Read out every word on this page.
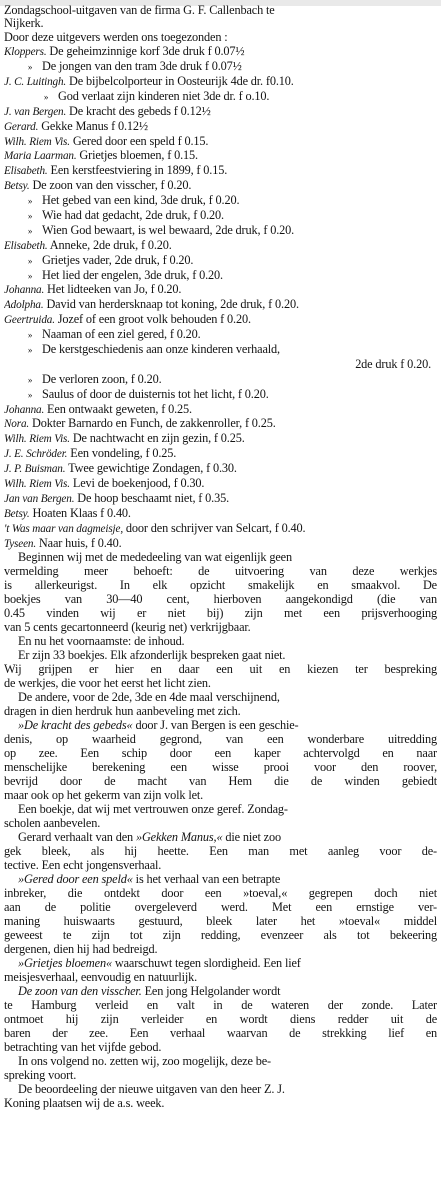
Zondagschool-uitgaven van de firma G. F. Callenbach te
Nijkerk.
Door deze uitgevers werden ons toegezonden :
Kloppers. De geheimzinnige korf 3de druk f 0.07½
» De jongen van den tram 3de druk f 0.07½
J. C. Luitingh. De bijbelcolporteur in Oosteurijk 4de dr. f0.10.
» God verlaat zijn kinderen niet 3de dr. f o.10.
J. van Bergen. De kracht des gebeds f 0.12½
Gerard. Gekke Manus f 0.12½
Wilh. Riem Vis. Gered door een speld f 0.15.
Maria Laarman. Grietjes bloemen, f 0.15.
Elisabeth. Een kerstfeestviering in 1899, f 0.15.
Betsy. De zoon van den visscher, f 0.20.
» Het gebed van een kind, 3de druk, f 0.20.
» Wie had dat gedacht, 2de druk, f 0.20.
» Wien God bewaart, is wel bewaard, 2de druk, f 0.20.
Elisabeth. Anneke, 2de druk, f 0.20.
» Grietjes vader, 2de druk, f 0.20.
» Het lied der engelen, 3de druk, f 0.20.
Johanna. Het lidteeken van Jo, f 0.20.
Adolpha. David van herdersknaap tot koning, 2de druk, f 0.20.
Geertruida. Jozef of een groot volk behouden f 0.20.
» Naaman of een ziel gered, f 0.20.
» De kerstgeschiedenis aan onze kinderen verhaald,
2de druk f 0.20.
» De verloren zoon, f 0.20.
» Saulus of door de duisternis tot het licht, f 0.20.
Johanna. Een ontwaakt geweten, f 0.25.
Nora. Dokter Barnardo en Funch, de zakkenroller, f 0.25.
Wilh. Riem Vis. De nachtwacht en zijn gezin, f 0.25.
J. E. Schröder. Een vondeling, f 0.25.
J. P. Buisman. Twee gewichtige Zondagen, f 0.30.
Wilh. Riem Vis. Levi de boekenjood, f 0.30.
Jan van Bergen. De hoop beschaamt niet, f 0.35.
Betsy. Hoaten Klaas f 0.40.
't Was maar van dagmeisje, door den schrijver van Selcart, f 0.40.
Tyseen. Naar huis, f 0.40.
Beginnen wij met de mededeeling van wat eigenlijk geen
vermelding meer behoeft: de uitvoering van deze werkjes
is allerkeurigst. In elk opzicht smakelijk en smaakvol. De
boekjes van 30—40 cent, hierboven aangekondigd (die van
0.45 vinden wij er niet bij) zijn met een prijsverhooging
van 5 cents gecartonneerd (keurig net) verkrijgbaar.
En nu het voornaamste: de inhoud.
Er zijn 33 boekjes. Elk afzonderlijk bespreken gaat niet.
Wij grijpen er hier en daar een uit en kiezen ter bespreking
de werkjes, die voor het eerst het licht zien.
De andere, voor de 2de, 3de en 4de maal verschijnend,
dragen in dien herdruk hun aanbeveling met zich.
»De kracht des gebeds« door J. van Bergen is een geschie-
denis, op waarheid gegrond, van een wonderbare uitredding
op zee. Een schip door een kaper achtervolgd en naar
menschelijke berekening een wisse prooi voor den roover,
bevrijd door de macht van Hem die de winden gebiedt
maar ook op het gekerm van zijn volk let.
Een boekje, dat wij met vertrouwen onze geref. Zondag-
scholen aanbevelen.
Gerard verhaalt van den »Gekken Manus,« die niet zoo
gek bleek, als hij heette. Een man met aanleg voor de-
tective. Een echt jongensverhaal.
»Gered door een speld« is het verhaal van een betrapte
inbreker, die ontdekt door een »toeval,« gegrepen doch niet
aan de politie overgeleverd werd. Met een ernstige ver-
maning huiswaarts gestuurd, bleek later het »toeval« middel
geweest te zijn tot zijn redding, evenzeer als tot bekeering
dergenen, dien hij had bedreigd.
»Grietjes bloemen« waarschuwt tegen slordigheid. Een lief
meisjesverhaal, eenvoudig en natuurlijk.
De zoon van den visscher. Een jong Helgolander wordt
te Hamburg verleid en valt in de wateren der zonde. Later
ontmoet hij zijn verleider en wordt diens redder uit de
baren der zee. Een verhaal waarvan de strekking lief en
betrachting van het vijfde gebod.
In ons volgend no. zetten wij, zoo mogelijk, deze be-
spreking voort.
De beoordeeling der nieuwe uitgaven van den heer Z. J.
Koning plaatsen wij de a.s. week.
